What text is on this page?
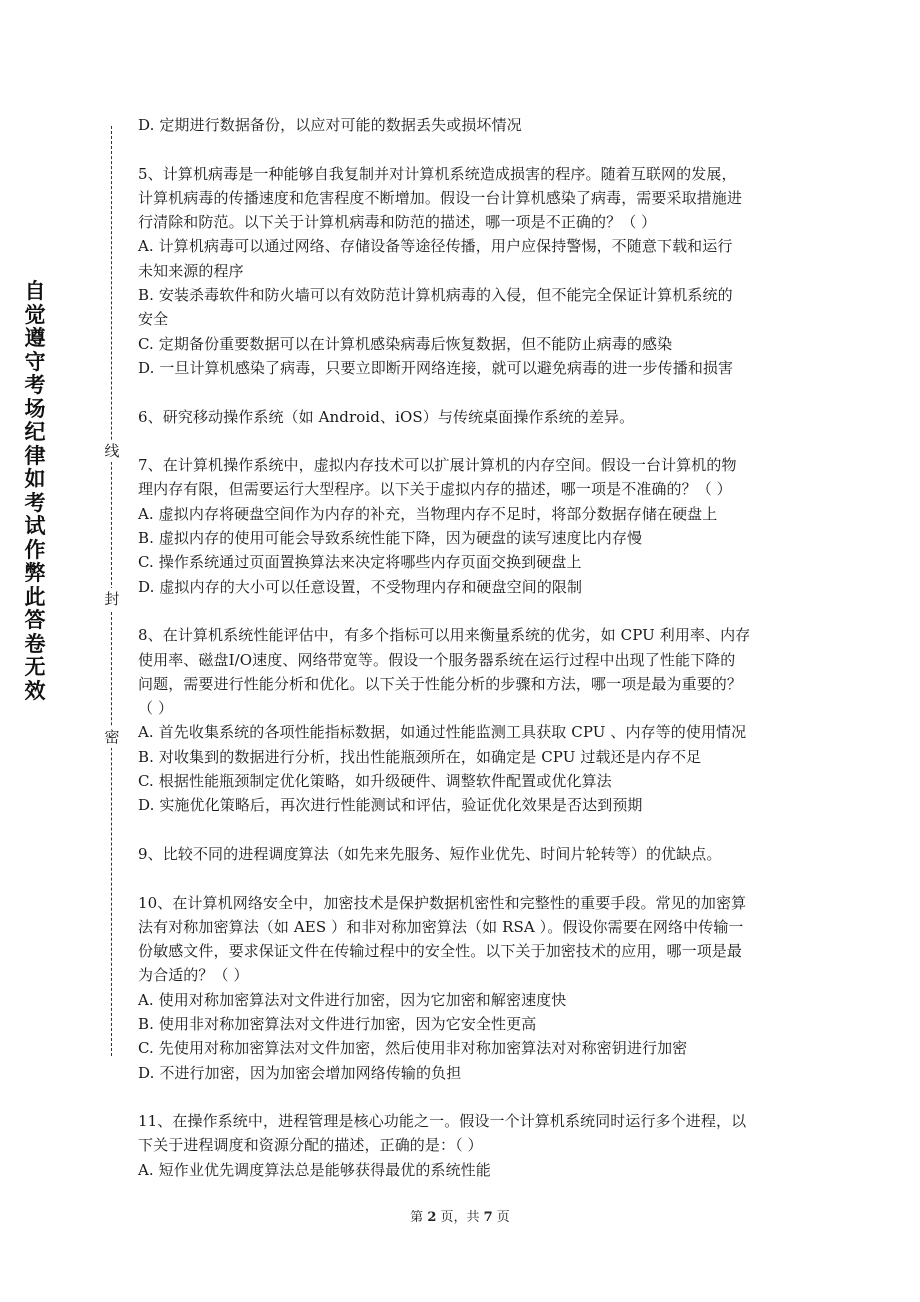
自觉遵守考场纪律如考试作弊此答卷无效
线
封
密

D. 定期进行数据备份，以应对可能的数据丢失或损坏情况

5、计算机病毒是一种能够自我复制并对计算机系统造成损害的程序。随着互联网的发展，

计算机病毒的传播速度和危害程度不断增加。假设一台计算机感染了病毒，需要采取措施进

行清除和防范。以下关于计算机病毒和防范的描述，哪一项是不正确的？（ ）

A. 计算机病毒可以通过网络、存储设备等途径传播，用户应保持警惕，不随意下载和运行

未知来源的程序

B. 安装杀毒软件和防火墙可以有效防范计算机病毒的入侵，但不能完全保证计算机系统的

安全

C. 定期备份重要数据可以在计算机感染病毒后恢复数据，但不能防止病毒的感染

D. 一旦计算机感染了病毒，只要立即断开网络连接，就可以避免病毒的进一步传播和损害

6、研究移动操作系统（如 Android、iOS）与传统桌面操作系统的差异。

7、在计算机操作系统中，虚拟内存技术可以扩展计算机的内存空间。假设一台计算机的物

理内存有限，但需要运行大型程序。以下关于虚拟内存的描述，哪一项是不准确的？（ ）

A. 虚拟内存将硬盘空间作为内存的补充，当物理内存不足时，将部分数据存储在硬盘上

B. 虚拟内存的使用可能会导致系统性能下降，因为硬盘的读写速度比内存慢

C. 操作系统通过页面置换算法来决定将哪些内存页面交换到硬盘上

D. 虚拟内存的大小可以任意设置，不受物理内存和硬盘空间的限制

8、在计算机系统性能评估中，有多个指标可以用来衡量系统的优劣，如 CPU 利用率、内存

使用率、磁盘I/O速度、网络带宽等。假设一个服务器系统在运行过程中出现了性能下降的

问题，需要进行性能分析和优化。以下关于性能分析的步骤和方法，哪一项是最为重要的？

（ ）

A. 首先收集系统的各项性能指标数据，如通过性能监测工具获取 CPU 、内存等的使用情况

B. 对收集到的数据进行分析，找出性能瓶颈所在，如确定是 CPU 过载还是内存不足

C. 根据性能瓶颈制定优化策略，如升级硬件、调整软件配置或优化算法

D. 实施优化策略后，再次进行性能测试和评估，验证优化效果是否达到预期

9、比较不同的进程调度算法（如先来先服务、短作业优先、时间片轮转等）的优缺点。

10、在计算机网络安全中，加密技术是保护数据机密性和完整性的重要手段。常见的加密算

法有对称加密算法（如 AES ）和非对称加密算法（如 RSA ）。假设你需要在网络中传输一

份敏感文件，要求保证文件在传输过程中的安全性。以下关于加密技术的应用，哪一项是最

为合适的？（ ）

A. 使用对称加密算法对文件进行加密，因为它加密和解密速度快

B. 使用非对称加密算法对文件进行加密，因为它安全性更高

C. 先使用对称加密算法对文件加密，然后使用非对称加密算法对对称密钥进行加密

D. 不进行加密，因为加密会增加网络传输的负担

11、在操作系统中，进程管理是核心功能之一。假设一个计算机系统同时运行多个进程，以

下关于进程调度和资源分配的描述，正确的是：（ ）

A. 短作业优先调度算法总是能够获得最优的系统性能

第 2 页，共 7 页
